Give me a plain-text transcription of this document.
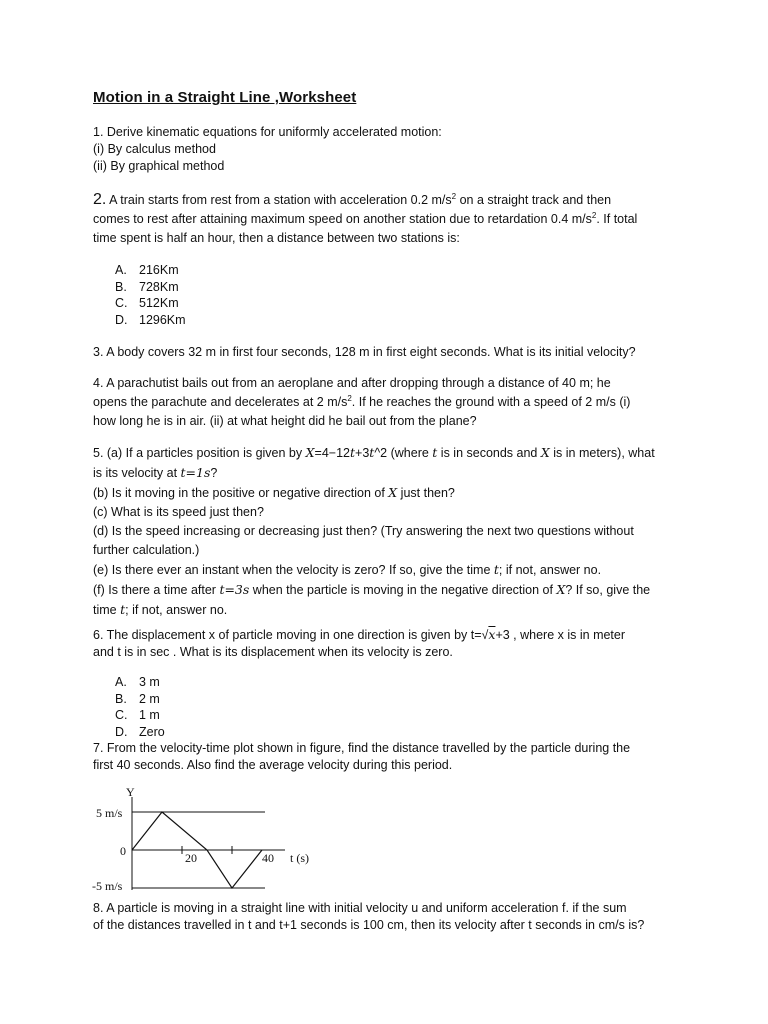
Motion in a Straight Line ,Worksheet
1. Derive kinematic equations for uniformly accelerated motion:
(i) By calculus method
(ii) By graphical method
2. A train starts from rest from a station with acceleration 0.2 $m/s^2$ on a straight track and then
comes to rest after attaining maximum speed on another station due to retardation 0.4 $m/s^2$. If total
time spent is half an hour, then a distance between two stations is:
A. 216Km
B. 728Km
C. 512Km
D. 1296Km
3. A body covers 32 m in first four seconds, 128 m in first eight seconds. What is its initial velocity?
4. A parachutist bails out from an aeroplane and after dropping through a distance of 40 m; he
opens the parachute and decelerates at 2 $m/s^2$. If he reaches the ground with a speed of 2 m/s (i)
how long he is in air. (ii) at what height did he bail out from the plane?
5. (a) If a particles position is given by X=4−12t+3t^2 (where t is in seconds and X is in meters), what
is its velocity at t=1s?
(b) Is it moving in the positive or negative direction of X just then?
(c) What is its speed just then?
(d) Is the speed increasing or decreasing just then? (Try answering the next two questions without
further calculation.)
(e) Is there ever an instant when the velocity is zero? If so, give the time t; if not, answer no.
(f) Is there a time after t=3s when the particle is moving in the negative direction of X? If so, give the
time t; if not, answer no.
6. The displacement x of particle moving in one direction is given by t=√x+3 , where x is in meter
and t is in sec . What is its displacement when its velocity is zero.
A. 3 m
B. 2 m
C. 1 m
D. Zero
7. From the velocity-time plot shown in figure, find the distance travelled by the particle during the
first 40 seconds. Also find the average velocity during this period.
Y
5 m/s
0
-5 m/s
20	40 t (s)
8. A particle is moving in a straight line with initial velocity u and uniform acceleration f. if the sum
of the distances travelled in t and t+1 seconds is 100 cm, then its velocity after t seconds in cm/s is?
